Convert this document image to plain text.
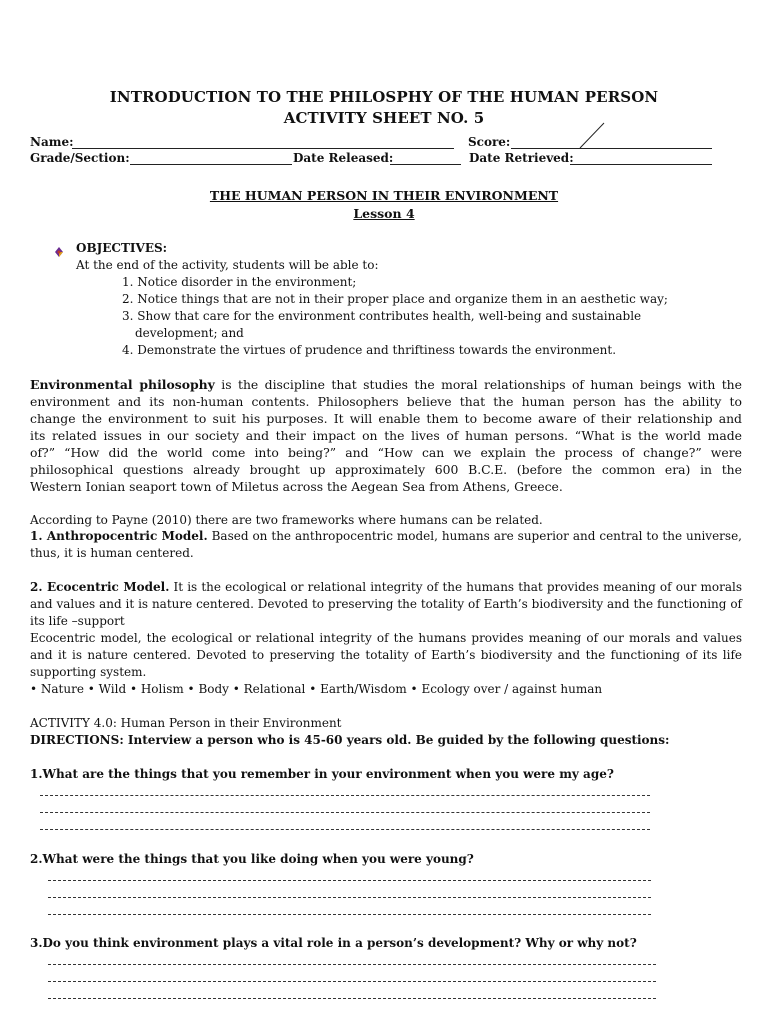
INTRODUCTION TO THE PHILOSPHY OF THE HUMAN PERSON
ACTIVITY SHEET NO. 5
Name:	Score:
Grade/Section:	Date Released:	Date Retrieved:
THE HUMAN PERSON IN THEIR ENVIRONMENT
Lesson 4
OBJECTIVES:
At the end of the activity, students will be able to:
1. Notice disorder in the environment;
2. Notice things that are not in their proper place and organize them in an aesthetic way;
3. Show that care for the environment contributes health, well-being and sustainable
development; and
4. Demonstrate the virtues of prudence and thriftiness towards the environment.
Environmental philosophy is the discipline that studies the moral relationships of human beings with the
environment and its non-human contents. Philosophers believe that the human person has the ability to
change the environment to suit his purposes. It will enable them to become aware of their relationship and
its related issues in our society and their impact on the lives of human persons. “What is the world made
of?” “How did the world come into being?” and “How can we explain the process of change?” were
philosophical questions already brought up approximately 600 B.C.E. (before the common era) in the
Western Ionian seaport town of Miletus across the Aegean Sea from Athens, Greece.
According to Payne (2010) there are two frameworks where humans can be related.
1. Anthropocentric Model. Based on the anthropocentric model, humans are superior and central to the universe,
thus, it is human centered.
2. Ecocentric Model. It is the ecological or relational integrity of the humans that provides meaning of our morals
and values and it is nature centered. Devoted to preserving the totality of Earth’s biodiversity and the functioning of
its life –support
Ecocentric model, the ecological or relational integrity of the humans provides meaning of our morals and values
and it is nature centered. Devoted to preserving the totality of Earth’s biodiversity and the functioning of its life
supporting system.
• Nature • Wild • Holism • Body • Relational • Earth/Wisdom • Ecology over / against human
ACTIVITY 4.0: Human Person in their Environment
DIRECTIONS: Interview a person who is 45-60 years old. Be guided by the following questions:
1.What are the things that you remember in your environment when you were my age?
2.What were the things that you like doing when you were young?
3.Do you think environment plays a vital role in a person’s development? Why or why not?
